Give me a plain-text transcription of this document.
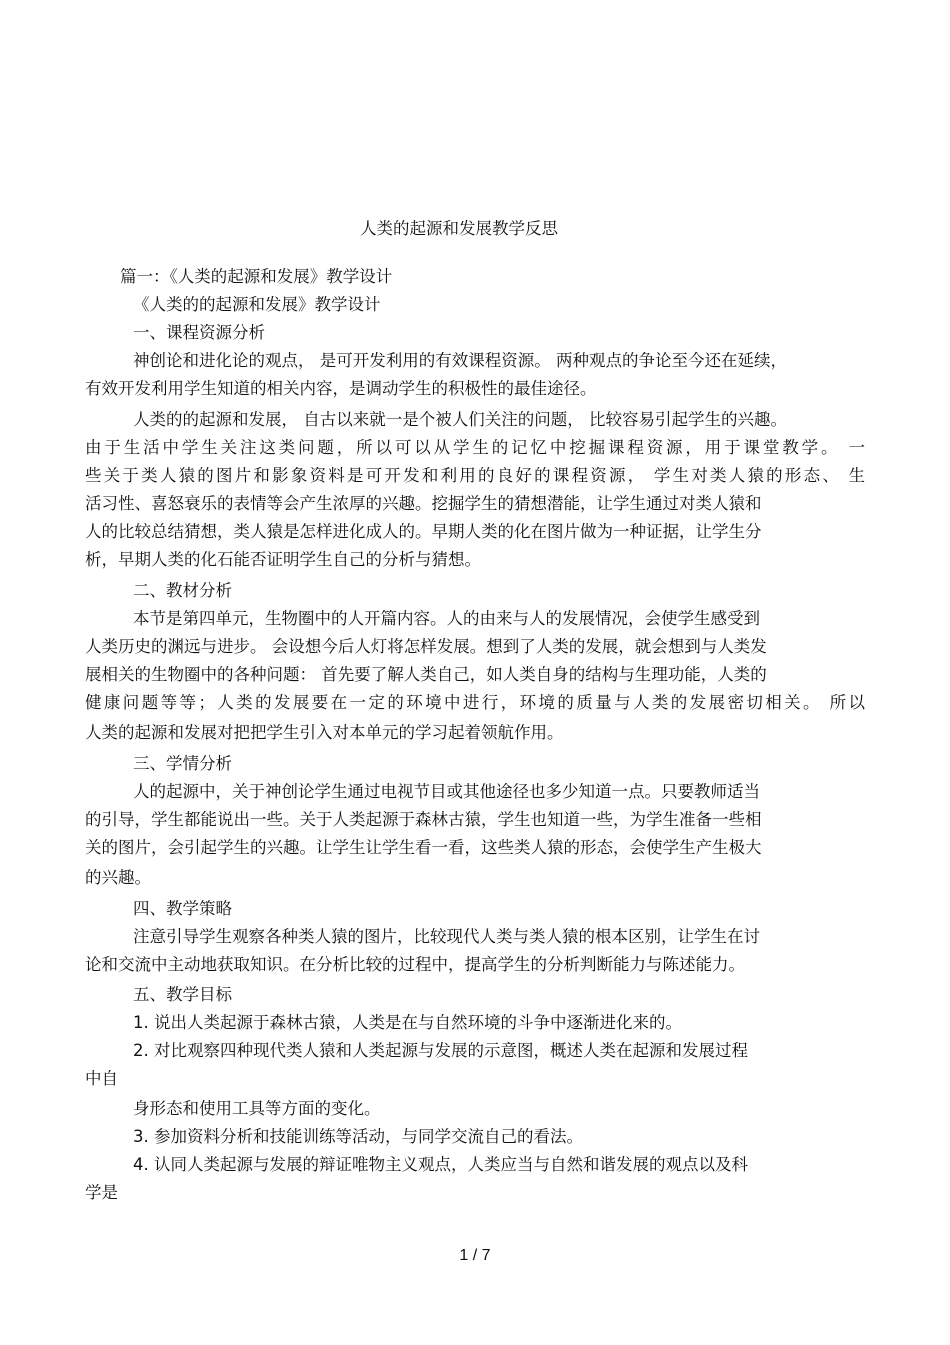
人类的起源和发展教学反思

篇一：《人类的起源和发展》教学设计

《人类的的起源和发展》教学设计

一、课程资源分析

神创论和进化论的观点， 是可开发利用的有效课程资源。 两种观点的争论至今还在延续，

有效开发利用学生知道的相关内容，是调动学生的积极性的最佳途径。

人类的的起源和发展， 自古以来就一是个被人们关注的问题， 比较容易引起学生的兴趣。

由于生活中学生关注这类问题，所以可以从学生的记忆中挖掘课程资源，用于课堂教学。 一

些关于类人猿的图片和影象资料是可开发和利用的良好的课程资源， 学生对类人猿的形态、 生

活习性、喜怒衰乐的表情等会产生浓厚的兴趣。挖掘学生的猜想潜能，让学生通过对类人猿和

人的比较总结猜想，类人猿是怎样进化成人的。早期人类的化在图片做为一种证据，让学生分

析，早期人类的化石能否证明学生自己的分析与猜想。

二、教材分析

本节是第四单元，生物圈中的人开篇内容。人的由来与人的发展情况，会使学生感受到

人类历史的渊远与进步。 会设想今后人灯将怎样发展。想到了人类的发展，就会想到与人类发

展相关的生物圈中的各种问题： 首先要了解人类自己，如人类自身的结构与生理功能，人类的

健康问题等等；人类的发展要在一定的环境中进行，环境的质量与人类的发展密切相关。 所以

人类的起源和发展对把把学生引入对本单元的学习起着领航作用。

三、学情分析

人的起源中，关于神创论学生通过电视节目或其他途径也多少知道一点。只要教师适当

的引导，学生都能说出一些。关于人类起源于森林古猿，学生也知道一些，为学生准备一些相

关的图片，会引起学生的兴趣。让学生让学生看一看，这些类人猿的形态，会使学生产生极大

的兴趣。

四、教学策略

注意引导学生观察各种类人猿的图片，比较现代人类与类人猿的根本区别，让学生在讨

论和交流中主动地获取知识。在分析比较的过程中，提高学生的分析判断能力与陈述能力。

五、教学目标

1. 说出人类起源于森林古猿，人类是在与自然环境的斗争中逐渐进化来的。

2. 对比观察四种现代类人猿和人类起源与发展的示意图，概述人类在起源和发展过程

中自

身形态和使用工具等方面的变化。

3. 参加资料分析和技能训练等活动，与同学交流自己的看法。

4. 认同人类起源与发展的辩证唯物主义观点，人类应当与自然和谐发展的观点以及科

学是

1 / 7
